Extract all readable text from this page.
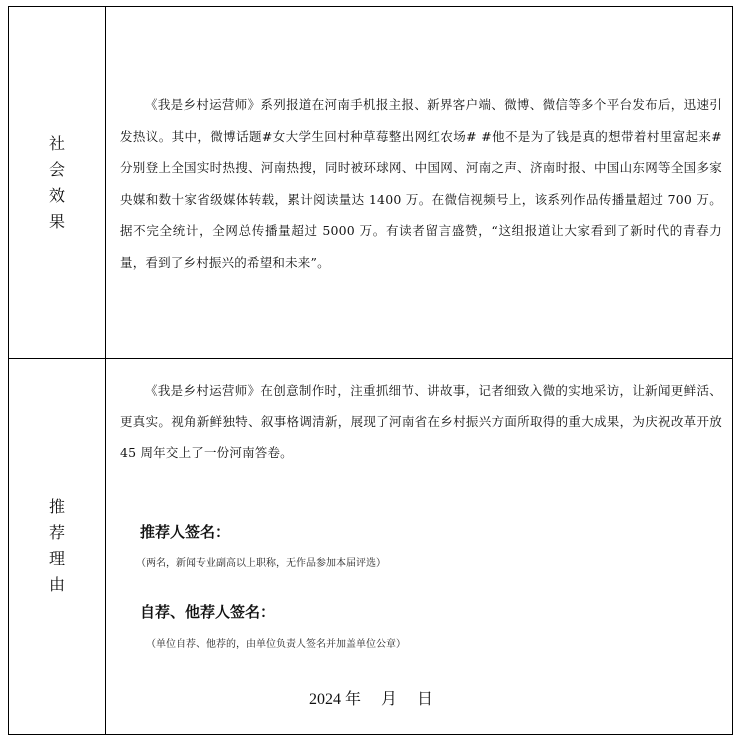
社
会
效
果
《我是乡村运营师》系列报道在河南手机报主报、新界客户端、微博、微信等多个平台发布后，迅速引发热议。其中，微博话题#女大学生回村种草莓整出网红农场# #他不是为了钱是真的想带着村里富起来#分别登上全国实时热搜、河南热搜，同时被环球网、中国网、河南之声、济南时报、中国山东网等全国多家央媒和数十家省级媒体转载，累计阅读量达 1400 万。在微信视频号上，该系列作品传播量超过 700 万。据不完全统计，全网总传播量超过 5000 万。有读者留言盛赞，“这组报道让大家看到了新时代的青春力量，看到了乡村振兴的希望和未来”。
推
荐
理
由
《我是乡村运营师》在创意制作时，注重抓细节、讲故事，记者细致入微的实地采访，让新闻更鲜活、更真实。视角新鲜独特、叙事格调清新，展现了河南省在乡村振兴方面所取得的重大成果，为庆祝改革开放 45 周年交上了一份河南答卷。
推荐人签名：
（两名，新闻专业副高以上职称，无作品参加本届评选）
自荐、他荐人签名：
（单位自荐、他荐的，由单位负责人签名并加盖单位公章）
2024 年     月     日
